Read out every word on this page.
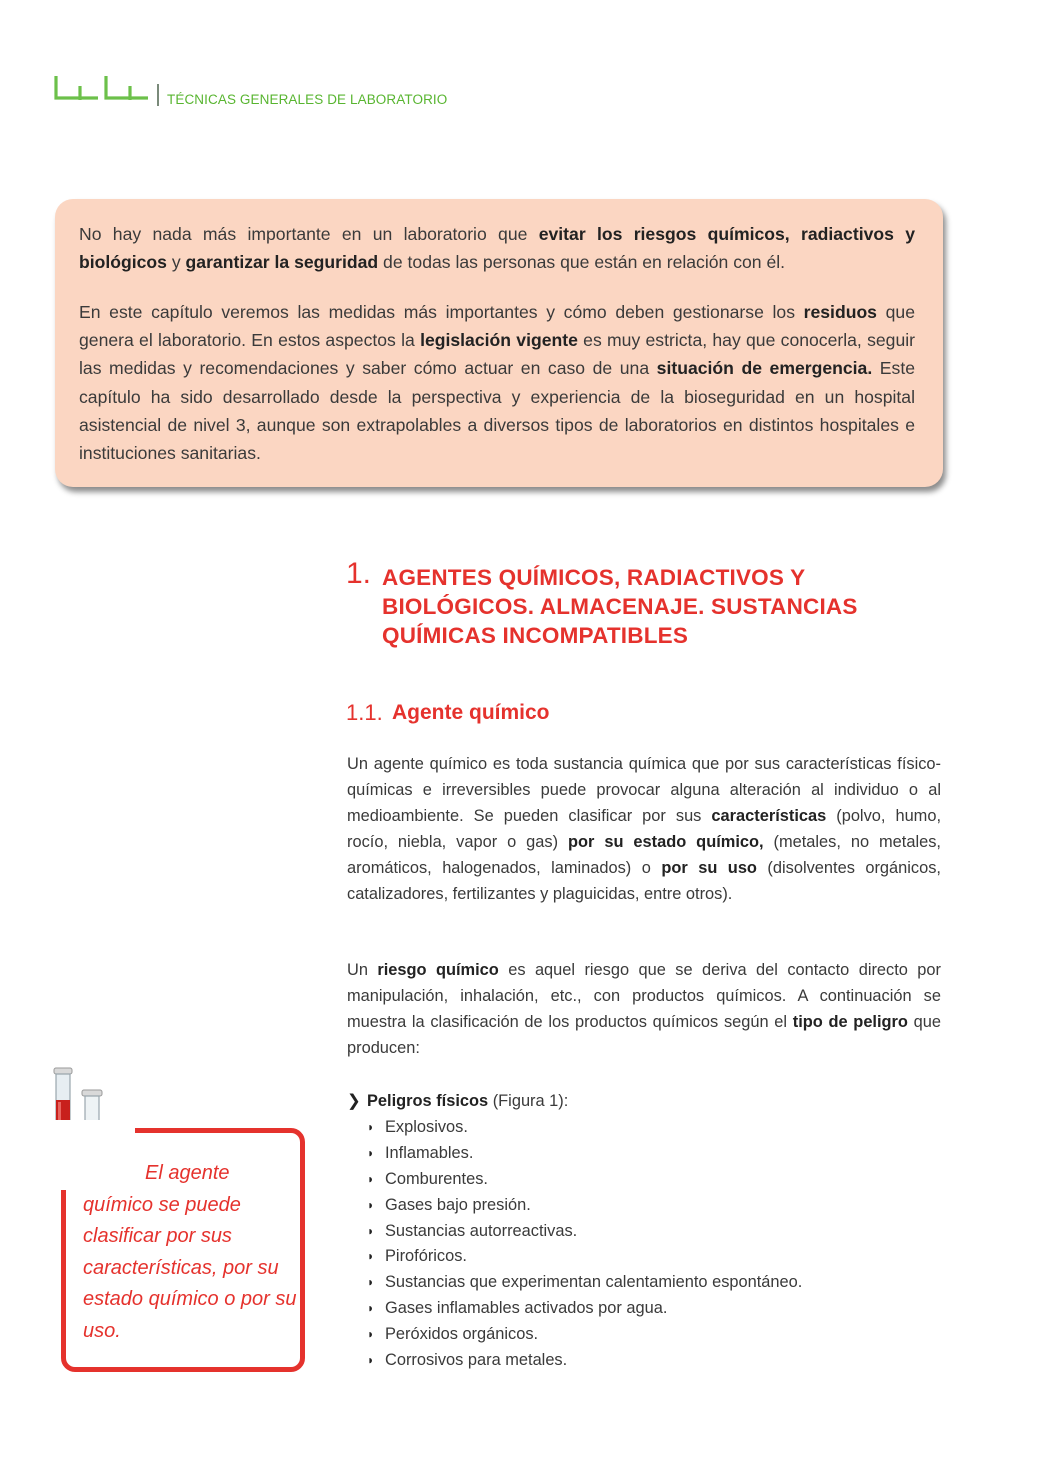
TÉCNICAS GENERALES DE LABORATORIO

No hay nada más importante en un laboratorio que evitar los riesgos químicos, radiactivos y biológicos y garantizar la seguridad de todas las personas que están en relación con él.

En este capítulo veremos las medidas más importantes y cómo deben gestionarse los residuos que genera el laboratorio. En estos aspectos la legislación vigente es muy estricta, hay que conocerla, seguir las medidas y recomendaciones y saber cómo actuar en caso de una situación de emergencia. Este capítulo ha sido desarrollado desde la perspectiva y experiencia de la bioseguridad en un hospital asistencial de nivel 3, aunque son extrapolables a diversos tipos de laboratorios en distintos hospitales e instituciones sanitarias.

1. AGENTES QUÍMICOS, RADIACTIVOS Y BIOLÓGICOS. ALMACENAJE. SUSTANCIAS QUÍMICAS INCOMPATIBLES
1.1. Agente químico

Un agente químico es toda sustancia química que por sus características físico-químicas e irreversibles puede provocar alguna alteración al individuo o al medioambiente. Se pueden clasificar por sus características (polvo, humo, rocío, niebla, vapor o gas) por su estado químico, (metales, no metales, aromáticos, halogenados, laminados) o por su uso (disolventes orgánicos, catalizadores, fertilizantes y plaguicidas, entre otros).

Un riesgo químico es aquel riesgo que se deriva del contacto directo por manipulación, inhalación, etc., con productos químicos. A continuación se muestra la clasificación de los productos químicos según el tipo de peligro que producen:

❯ Peligros físicos (Figura 1):
◗ Explosivos.
◗ Inflamables.
◗ Comburentes.
◗ Gases bajo presión.
◗ Sustancias autorreactivas.
◗ Pirofóricos.
◗ Sustancias que experimentan calentamiento espontáneo.
◗ Gases inflamables activados por agua.
◗ Peróxidos orgánicos.
◗ Corrosivos para metales.

El agente químico se puede clasificar por sus características, por su estado químico o por su uso.
